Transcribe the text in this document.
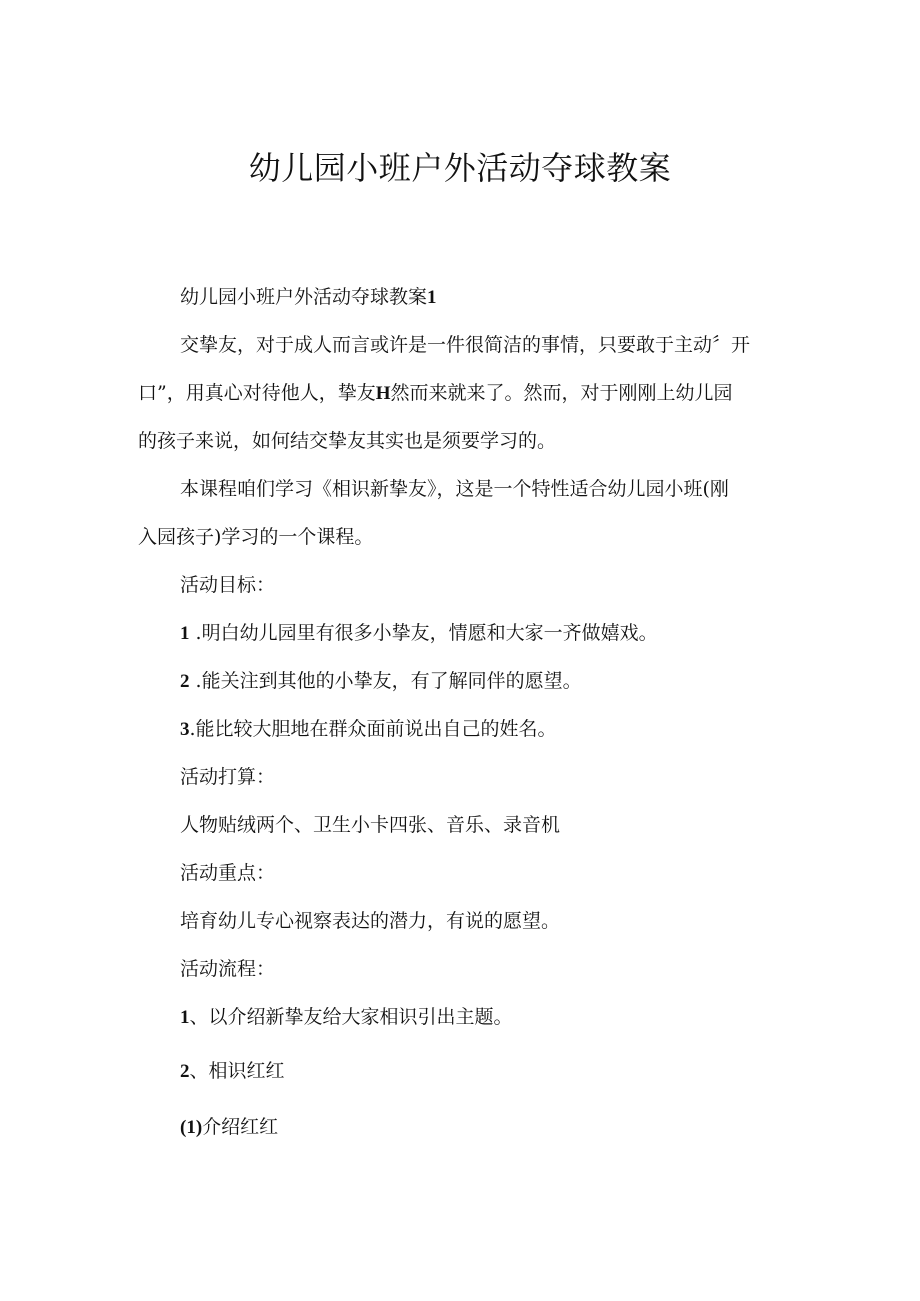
幼儿园小班户外活动夺球教案
幼儿园小班户外活动夺球教案1
交挚友，对于成人而言或许是一件很简洁的事情，只要敢于主动〞开
口”，用真心对待他人，挚友H然而来就来了。然而，对于刚刚上幼儿园
的孩子来说，如何结交挚友其实也是须要学习的。
本课程咱们学习《相识新挚友》，这是一个特性适合幼儿园小班(刚
入园孩子)学习的一个课程。
活动目标：
1 .明白幼儿园里有很多小挚友，情愿和大家一齐做嬉戏。
2 .能关注到其他的小挚友，有了解同伴的愿望。
3.能比较大胆地在群众面前说出自己的姓名。
活动打算：
人物贴绒两个、卫生小卡四张、音乐、录音机
活动重点：
培育幼儿专心视察表达的潜力，有说的愿望。
活动流程：
1、以介绍新挚友给大家相识引出主题。
2、相识红红
(1)介绍红红
